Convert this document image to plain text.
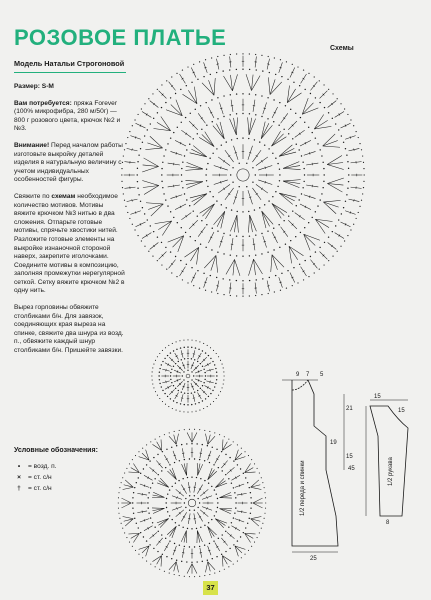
РОЗОВОЕ ПЛАТЬЕ
Модель Натальи Строгоновой
Схемы

Размер: S-M

Вам потребуется: пряжа Forever (100% микрофибра, 280 м/50г) — 800 г розового цвета, крючок №2 и №3.

Внимание! Перед началом работы изготовьте выкройку деталей изделия в натуральную величину с учетом индивидуальных особенностей фигуры.

Свяжите по схемам необходимое количество мотивов. Мотивы вяжите крючком №3 нитью в два сложения. Отпарьте готовые мотивы, спрячьте хвостики нитей. Разложите готовые элементы на выкройке изнаночной стороной наверх, закрепите иголочками. Соедините мотивы в композицию, заполняя промежутки нерегулярной сеткой. Сетку вяжите крючком №2 в одну нить.

Вырез горловины обвяжите столбиками б/н. Для завязок, соединяющих края выреза на спинке, свяжите два шнура из возд. п., обвяжите каждый шнур столбиками б/н. Пришейте завязки.

Условные обозначения:
•	= возд. п.
×	= ст. с/н
†	= ст. с/н
9 7 5
21
19
15
45
25
15
15
8
1/2 переда и спинки	1/2 рукава
37
